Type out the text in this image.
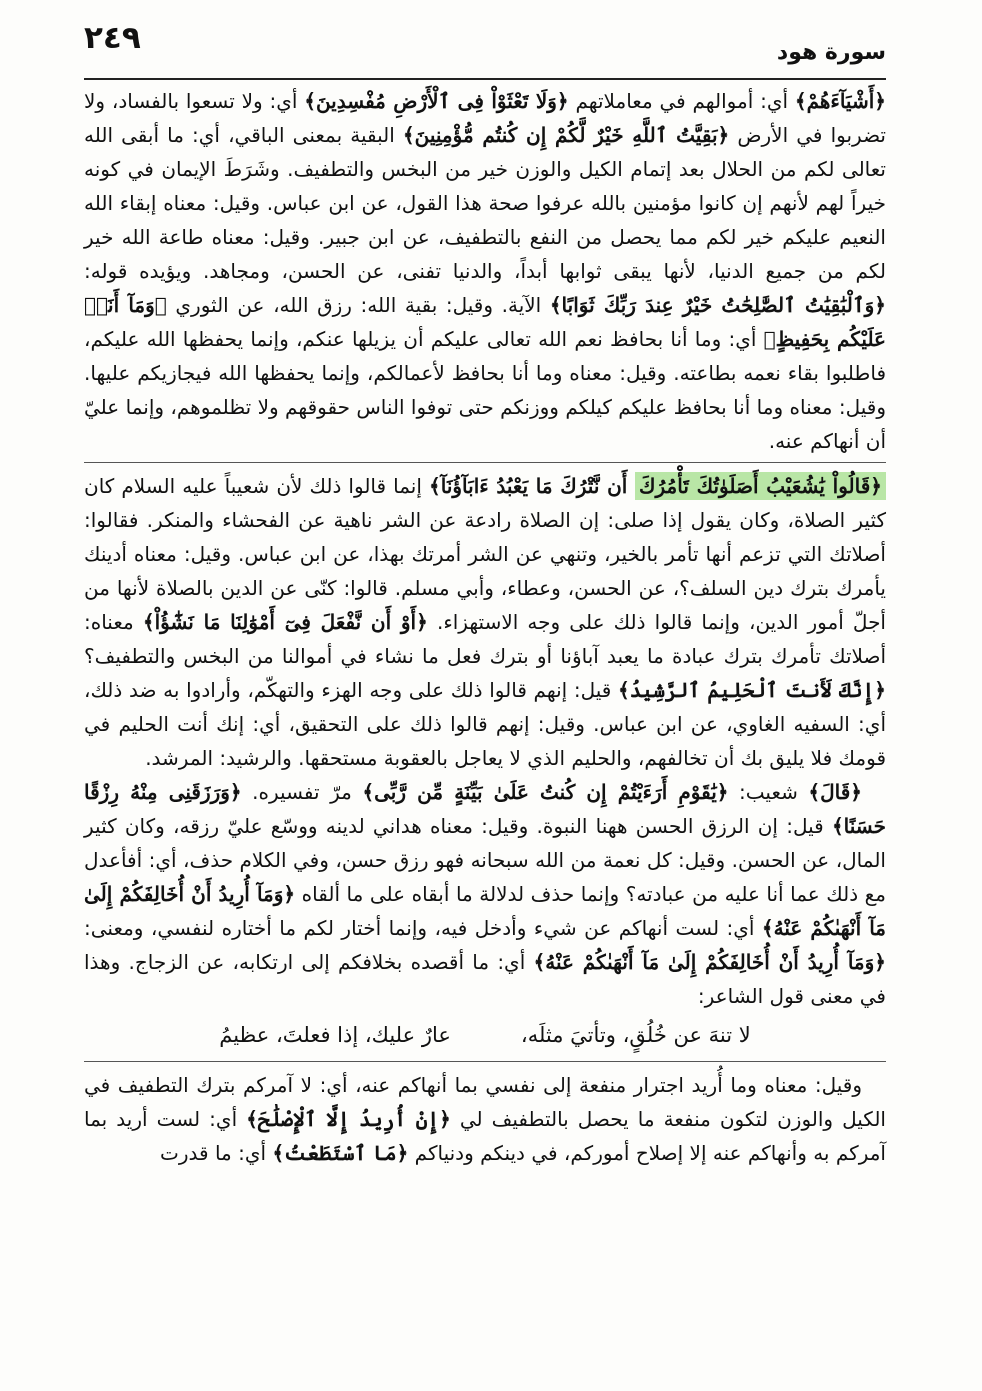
٢٤٩	سورة هود

﴿أَشْيَآءَهُمْ﴾ أي: أموالهم في معاملاتهم ﴿وَلَا تَعْثَوْاْ فِى ٱلْأَرْضِ مُفْسِدِينَ﴾ أي: ولا تسعوا بالفساد، ولا تضربوا في الأرض ﴿بَقِيَّتُ ٱللَّهِ خَيْرٌ لَّكُمْ إِن كُنتُم مُّؤْمِنِينَ﴾ البقية بمعنى الباقي، أي: ما أبقى الله تعالى لكم من الحلال بعد إتمام الكيل والوزن خير من البخس والتطفيف. وشَرَطَ الإيمان في كونه خيراً لهم لأنهم إن كانوا مؤمنين بالله عرفوا صحة هذا القول، عن ابن عباس. وقيل: معناه إبقاء الله النعيم عليكم خير لكم مما يحصل من النفع بالتطفيف، عن ابن جبير. وقيل: معناه طاعة الله خير لكم من جميع الدنيا، لأنها يبقى ثوابها أبداً، والدنيا تفنى، عن الحسن، ومجاهد. ويؤيده قوله: ﴿وَٱلْبَٰقِيَٰتُ ٱلصَّٰلِحَٰتُ خَيْرٌ عِندَ رَبِّكَ ثَوَابًا﴾ الآية. وقيل: بقية الله: رزق الله، عن الثوري ﴿وَمَآ أَنَا۠ عَلَيْكُم بِحَفِيظٍ﴾ أي: وما أنا بحافظ نعم الله تعالى عليكم أن يزيلها عنكم، وإنما يحفظها الله عليكم، فاطلبوا بقاء نعمه بطاعته. وقيل: معناه وما أنا بحافظ لأعمالكم، وإنما يحفظها الله فيجازيكم عليها. وقيل: معناه وما أنا بحافظ عليكم كيلكم ووزنكم حتى توفوا الناس حقوقهم ولا تظلموهم، وإنما عليّ أن أنهاكم عنه.

﴿قَالُواْ يَٰشُعَيْبُ أَصَلَوٰتُكَ تَأْمُرُكَ أَن نَّتْرُكَ مَا يَعْبُدُ ءَابَآؤُنَآ﴾ إنما قالوا ذلك لأن شعيباً عليه السلام كان كثير الصلاة، وكان يقول إذا صلى: إن الصلاة رادعة عن الشر ناهية عن الفحشاء والمنكر. فقالوا: أصلاتك التي تزعم أنها تأمر بالخير، وتنهي عن الشر أمرتك بهذا، عن ابن عباس. وقيل: معناه أدينك يأمرك بترك دين السلف؟، عن الحسن، وعطاء، وأبي مسلم. قالوا: كنّى عن الدين بالصلاة لأنها من أجلّ أمور الدين، وإنما قالوا ذلك على وجه الاستهزاء. ﴿أَوْ أَن نَّفْعَلَ فِىٓ أَمْوَٰلِنَا مَا نَشَٰٓؤُاْ﴾ معناه: أصلاتك تأمرك بترك عبادة ما يعبد آباؤنا أو بترك فعل ما نشاء في أموالنا من البخس والتطفيف؟ ﴿إِنَّكَ لَأَنتَ ٱلْحَلِيمُ ٱلرَّشِيدُ﴾ قيل: إنهم قالوا ذلك على وجه الهزء والتهكّم، وأرادوا به ضد ذلك، أي: السفيه الغاوي، عن ابن عباس. وقيل: إنهم قالوا ذلك على التحقيق، أي: إنك أنت الحليم في قومك فلا يليق بك أن تخالفهم، والحليم الذي لا يعاجل بالعقوبة مستحقها. والرشيد: المرشد.

﴿قَالَ﴾ شعيب: ﴿يَٰقَوْمِ أَرَءَيْتُمْ إِن كُنتُ عَلَىٰ بَيِّنَةٍ مِّن رَّبِّى﴾ مرّ تفسيره. ﴿وَرَزَقَنِى مِنْهُ رِزْقًا حَسَنًا﴾ قيل: إن الرزق الحسن ههنا النبوة. وقيل: معناه هداني لدينه ووسّع عليّ رزقه، وكان كثير المال، عن الحسن. وقيل: كل نعمة من الله سبحانه فهو رزق حسن، وفي الكلام حذف، أي: أفأعدل مع ذلك عما أنا عليه من عبادته؟ وإنما حذف لدلالة ما أبقاه على ما ألقاه ﴿وَمَآ أُرِيدُ أَنْ أُخَالِفَكُمْ إِلَىٰ مَآ أَنْهَىٰكُمْ عَنْهُ﴾ أي: لست أنهاكم عن شيء وأدخل فيه، وإنما أختار لكم ما أختاره لنفسي، ومعنى: ﴿وَمَآ أُرِيدُ أَنْ أُخَالِفَكُمْ إِلَىٰ مَآ أَنْهَىٰكُمْ عَنْهُ﴾ أي: ما أقصده بخلافكم إلى ارتكابه، عن الزجاج. وهذا في معنى قول الشاعر:

لا تنهَ عن خُلُقٍ، وتأتيَ مثلَه،
عارٌ عليك، إذا فعلتَ، عظيمُ

وقيل: معناه وما أُريد اجترار منفعة إلى نفسي بما أنهاكم عنه، أي: لا آمركم بترك التطفيف في الكيل والوزن لتكون منفعة ما يحصل بالتطفيف لي ﴿إِنْ أُرِيدُ إِلَّا ٱلْإِصْلَٰحَ﴾ أي: لست أريد بما آمركم به وأنهاكم عنه إلا إصلاح أموركم، في دينكم ودنياكم ﴿مَا ٱسْتَطَعْتُ﴾ أي: ما قدرت
